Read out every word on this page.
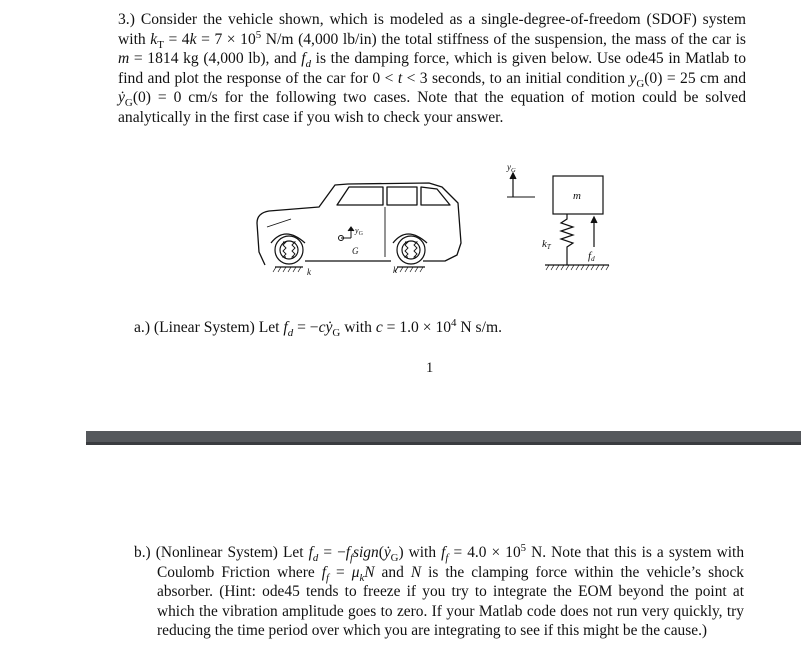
3.) Consider the vehicle shown, which is modeled as a single-degree-of-freedom (SDOF) system with $k_T = 4k = 7 \times 10^5$ N/m (4,000 lb/in) the total stiffness of the suspension, the mass of the car is m = 1814 kg (4,000 lb), and $f_d$ is the damping force, which is given below. Use ode45 in Matlab to find and plot the response of the car for 0 < t < 3 seconds, to an initial condition $y_G(0) = 25$ cm and ẏ$_G$(0) = 0 cm/s for the following two cases. Note that the equation of motion could be solved analytically in the first case if you wish to check your answer.

k	k
$y_G$
G
$y_G$
m
kT
fd

a.) (Linear System) Let $f_d$ = −cẏ$_G$ with $c = 1.0 \times 10^4$ N s/m.

1

b.) (Nonlinear System) Let $f_d$ = $-f_fsign(ẏ_G)$ with $f_f = 4.0 \times 10^5$ N. Note that this is a system with Coulomb Friction where $f_f = \mu_kN$ and N is the clamping force within the vehicle’s shock absorber. (Hint: ode45 tends to freeze if you try to integrate the EOM beyond the point at which the vibration amplitude goes to zero. If your Matlab code does not run very quickly, try reducing the time period over which you are integrating to see if this might be the cause.)
